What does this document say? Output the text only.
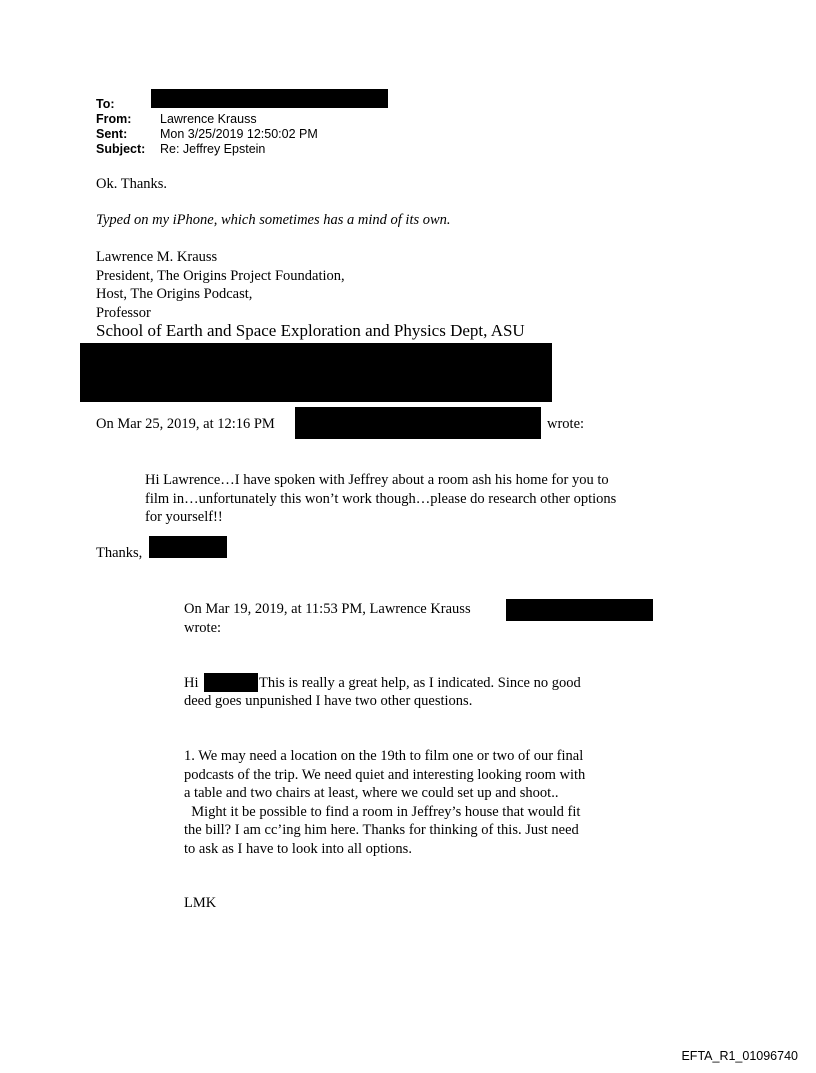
To:
From:	Lawrence Krauss
Sent:	Mon 3/25/2019 12:50:02 PM
Subject:	Re: Jeffrey Epstein
Ok. Thanks.
Typed on my iPhone, which sometimes has a mind of its own.
Lawrence M. Krauss
President, The Origins Project Foundation,
Host, The Origins Podcast,
Professor
School of Earth and Space Exploration and Physics Dept, ASU
On Mar 25, 2019, at 12:16 PM	wrote:
Hi Lawrence…I have spoken with Jeffrey about a room ash his home for you to
film in…unfortunately this won’t work though…please do research other options
for yourself!!
Thanks,
On Mar 19, 2019, at 11:53 PM, Lawrence Krauss
wrote:
Hi	This is really a great help, as I indicated. Since no good
deed goes unpunished I have two other questions.
1. We may need a location on the 19th to film one or two of our final
podcasts of the trip. We need quiet and interesting looking room with
a table and two chairs at least, where we could set up and shoot..
Might it be possible to find a room in Jeffrey’s house that would fit
the bill? I am cc’ing him here. Thanks for thinking of this. Just need
to ask as I have to look into all options.
LMK
EFTA_R1_01096740
